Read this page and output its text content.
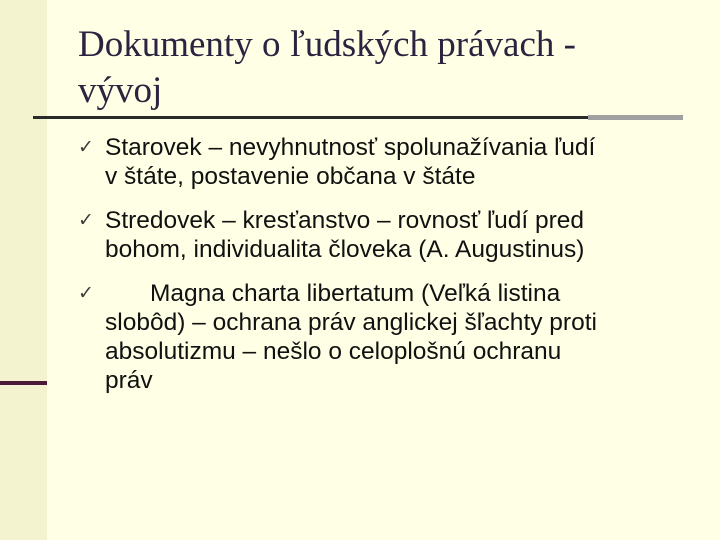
Dokumenty o ľudských právach -
vývoj
✓ Starovek – nevyhnutnosť spolunažívania ľudí
v štáte, postavenie občana v štáte
✓ Stredovek – kresťanstvo – rovnosť ľudí pred
bohom, individualita človeka (A. Augustinus)
✓ Magna charta libertatum (Veľká listina
slobôd) – ochrana práv anglickej šľachty proti
absolutizmu – nešlo o celoplošnú ochranu
práv
